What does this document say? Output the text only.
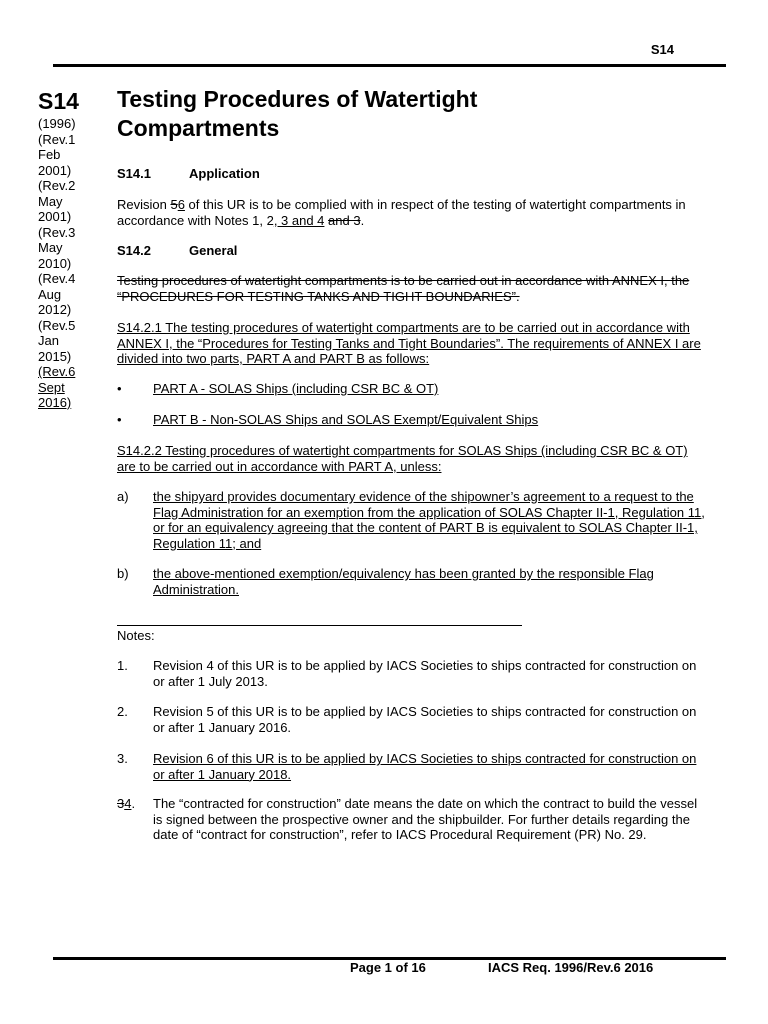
S14
S14
(1996)
(Rev.1
Feb
2001)
(Rev.2
May
2001)
(Rev.3
May
2010)
(Rev.4
Aug
2012)
(Rev.5
Jan
2015)
(Rev.6
Sept
2016)
Testing Procedures of Watertight
Compartments
S14.1	Application
Revision 56 of this UR is to be complied with in respect of the testing of watertight compartments in accordance with Notes 1, 2, 3 and 4 and 3.
S14.2	General
Testing procedures of watertight compartments is to be carried out in accordance with ANNEX I, the “PROCEDURES FOR TESTING TANKS AND TIGHT BOUNDARIES”.
S14.2.1 The testing procedures of watertight compartments are to be carried out in accordance with ANNEX I, the “Procedures for Testing Tanks and Tight Boundaries”. The requirements of ANNEX I are divided into two parts, PART A and PART B as follows:
• PART A - SOLAS Ships (including CSR BC & OT)
• PART B - Non-SOLAS Ships and SOLAS Exempt/Equivalent Ships
S14.2.2 Testing procedures of watertight compartments for SOLAS Ships (including CSR BC & OT) are to be carried out in accordance with PART A, unless:
a) the shipyard provides documentary evidence of the shipowner’s agreement to a request to the Flag Administration for an exemption from the application of SOLAS Chapter II-1, Regulation 11, or for an equivalency agreeing that the content of PART B is equivalent to SOLAS Chapter II-1, Regulation 11; and
b) the above-mentioned exemption/equivalency has been granted by the responsible Flag Administration.
Notes:
1. Revision 4 of this UR is to be applied by IACS Societies to ships contracted for construction on or after 1 July 2013.
2. Revision 5 of this UR is to be applied by IACS Societies to ships contracted for construction on or after 1 January 2016.
3. Revision 6 of this UR is to be applied by IACS Societies to ships contracted for construction on or after 1 January 2018.
34. The “contracted for construction” date means the date on which the contract to build the vessel is signed between the prospective owner and the shipbuilder. For further details regarding the date of “contract for construction”, refer to IACS Procedural Requirement (PR) No. 29.
Page 1 of 16	IACS Req. 1996/Rev.6 2016
